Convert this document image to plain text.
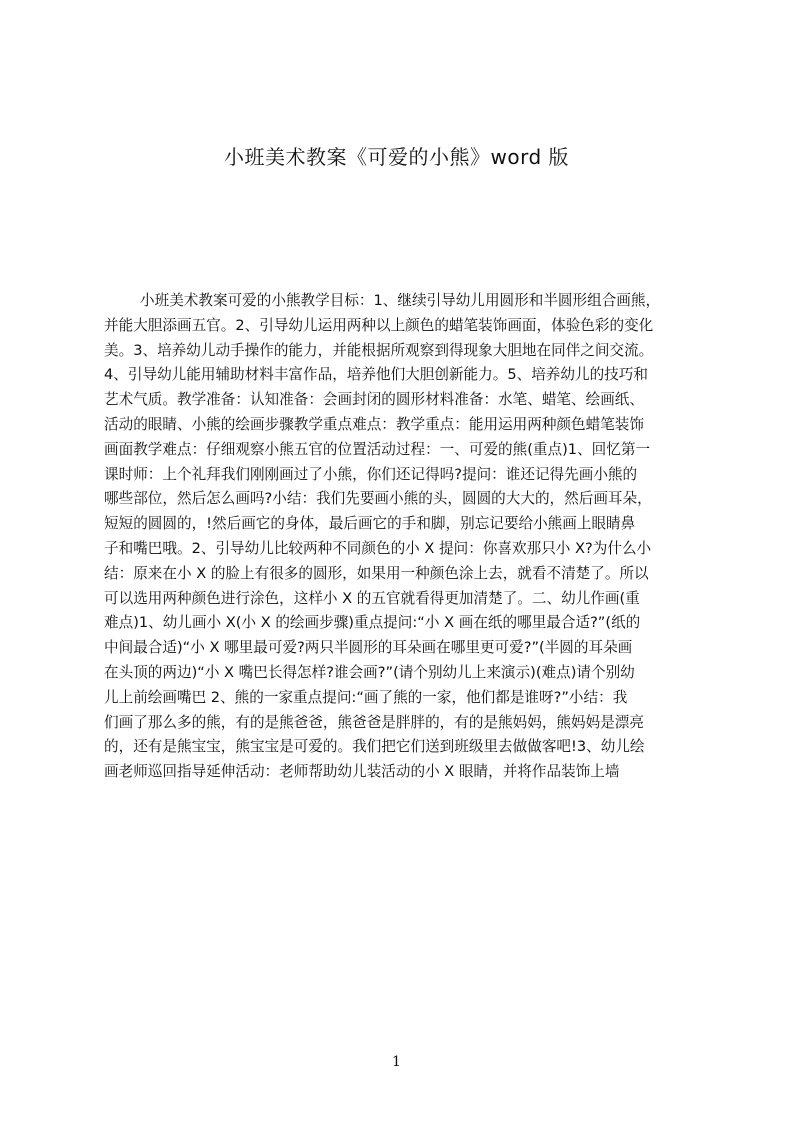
小班美术教案《可爱的小熊》word 版
小班美术教案可爱的小熊教学目标：1、继续引导幼儿用圆形和半圆形组合画熊，
并能大胆添画五官。2、引导幼儿运用两种以上颜色的蜡笔装饰画面，体验色彩的变化
美。3、培养幼儿动手操作的能力，并能根据所观察到得现象大胆地在同伴之间交流。
4、引导幼儿能用辅助材料丰富作品，培养他们大胆创新能力。5、培养幼儿的技巧和
艺术气质。教学准备：认知准备：会画封闭的圆形材料准备：水笔、蜡笔、绘画纸、
活动的眼睛、小熊的绘画步骤教学重点难点：教学重点：能用运用两种颜色蜡笔装饰
画面教学难点：仔细观察小熊五官的位置活动过程：一、可爱的熊(重点)1、回忆第一
课时师：上个礼拜我们刚刚画过了小熊，你们还记得吗?提问：谁还记得先画小熊的
哪些部位，然后怎么画吗?小结：我们先要画小熊的头，圆圆的大大的，然后画耳朵，
短短的圆圆的，!然后画它的身体，最后画它的手和脚，别忘记要给小熊画上眼睛鼻
子和嘴巴哦。2、引导幼儿比较两种不同颜色的小 X 提问：你喜欢那只小 X?为什么小
结：原来在小 X 的脸上有很多的圆形，如果用一种颜色涂上去，就看不清楚了。所以
可以选用两种颜色进行涂色，这样小 X 的五官就看得更加清楚了。二、幼儿作画(重
难点)1、幼儿画小 X(小 X 的绘画步骤)重点提问:“小 X 画在纸的哪里最合适?”(纸的
中间最合适)“小 X 哪里最可爱?两只半圆形的耳朵画在哪里更可爱?”(半圆的耳朵画
在头顶的两边)“小 X 嘴巴长得怎样?谁会画?”(请个别幼儿上来演示)(难点)请个别幼
儿上前绘画嘴巴 2、熊的一家重点提问:“画了熊的一家，他们都是谁呀?”小结：我
们画了那么多的熊，有的是熊爸爸，熊爸爸是胖胖的，有的是熊妈妈，熊妈妈是漂亮
的，还有是熊宝宝，熊宝宝是可爱的。我们把它们送到班级里去做做客吧!3、幼儿绘
画老师巡回指导延伸活动：老师帮助幼儿装活动的小 X 眼睛，并将作品装饰上墙
1
